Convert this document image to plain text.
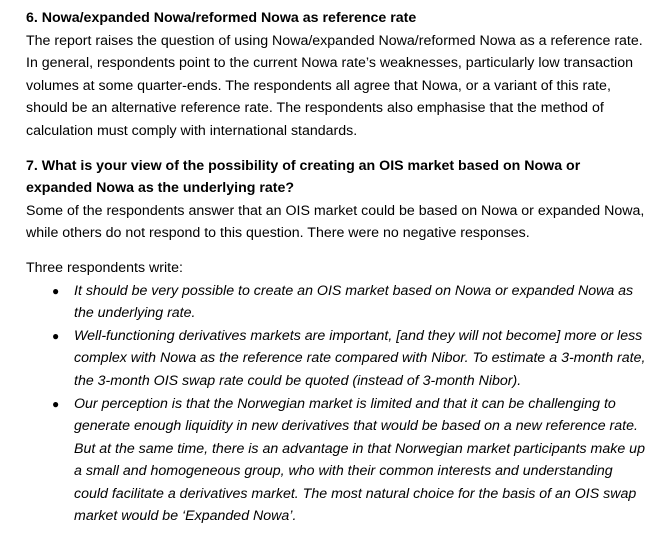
6. Nowa/expanded Nowa/reformed Nowa as reference rate

The report raises the question of using Nowa/expanded Nowa/reformed Nowa as a reference rate. In general, respondents point to the current Nowa rate’s weaknesses, particularly low transaction volumes at some quarter-ends. The respondents all agree that Nowa, or a variant of this rate, should be an alternative reference rate. The respondents also emphasise that the method of calculation must comply with international standards.

7. What is your view of the possibility of creating an OIS market based on Nowa or expanded Nowa as the underlying rate?

Some of the respondents answer that an OIS market could be based on Nowa or expanded Nowa, while others do not respond to this question. There were no negative responses.

Three respondents write:

● It should be very possible to create an OIS market based on Nowa or expanded Nowa as the underlying rate.
● Well-functioning derivatives markets are important, [and they will not become] more or less complex with Nowa as the reference rate compared with Nibor. To estimate a 3-month rate, the 3-month OIS swap rate could be quoted (instead of 3-month Nibor).
● Our perception is that the Norwegian market is limited and that it can be challenging to generate enough liquidity in new derivatives that would be based on a new reference rate. But at the same time, there is an advantage in that Norwegian market participants make up a small and homogeneous group, who with their common interests and understanding could facilitate a derivatives market. The most natural choice for the basis of an OIS swap market would be ‘Expanded Nowa’.
